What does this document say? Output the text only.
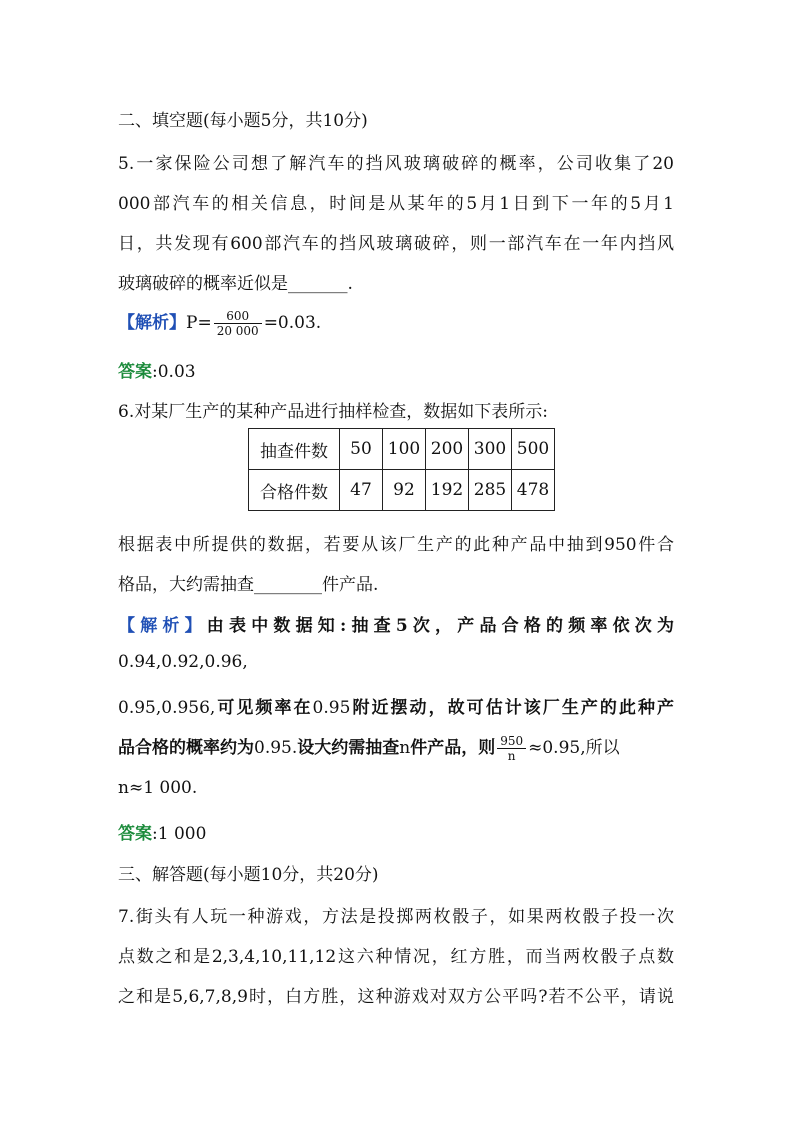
二、填空题(每小题5分，共10分)
5.一家保险公司想了解汽车的挡风玻璃破碎的概率，公司收集了20
000部汽车的相关信息，时间是从某年的5月1日到下一年的5月1
日，共发现有600部汽车的挡风玻璃破碎，则一部汽车在一年内挡风
玻璃破碎的概率近似是_______.
【解析】$P= \frac{600}{20 000} =0.03$.
答案:0.03
6.对某厂生产的某种产品进行抽样检查，数据如下表所示:
抽查件数	50	100	200	300	500
合格件数	47	92	192	285	478
根据表中所提供的数据，若要从该厂生产的此种产品中抽到950件合
格品，大约需抽查________件产品.
【解析】由表中数据知:抽查5次，产品合格的频率依次为
0.94,0.92,0.96,
0.95,0.956,可见频率在0.95附近摆动，故可估计该厂生产的此种产
品合格的概率约为0.95.设大约需抽查n件产品，则 $\frac{950}{n} \approx 0.95$,所以
n≈1 000.
答案:1 000
三、解答题(每小题10分，共20分)
7.街头有人玩一种游戏，方法是投掷两枚骰子，如果两枚骰子投一次
点数之和是2,3,4,10,11,12这六种情况，红方胜，而当两枚骰子点数
之和是5,6,7,8,9时，白方胜，这种游戏对双方公平吗?若不公平，请说
